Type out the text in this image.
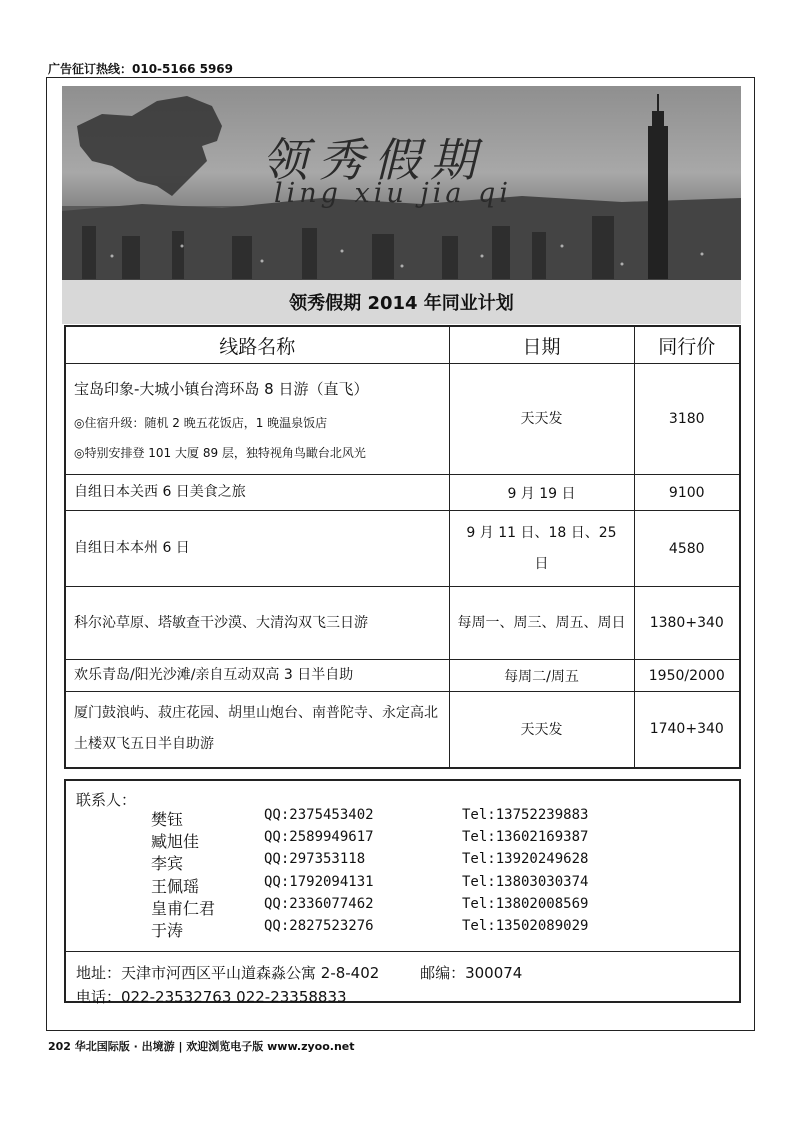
广告征订热线：010-5166 5969
领秀假期
ling xiu jia qi
领秀假期 2014 年同业计划
线路名称	日期	同行价

宝岛印象-大城小镇台湾环岛 8 日游（直飞）
◎住宿升级：随机 2 晚五花饭店，1 晚温泉饭店
◎特别安排登 101 大厦 89 层，独特视角鸟瞰台北风光	天天发	3180
自组日本关西 6 日美食之旅	9 月 19 日	9100
自组日本本州 6 日	9 月 11 日、18 日、25 日	4580
科尔沁草原、塔敏查干沙漠、大清沟双飞三日游	每周一、周三、周五、周日	1380+340
欢乐青岛/阳光沙滩/亲自互动双高 3 日半自助	每周二/周五	1950/2000
厦门鼓浪屿、菽庄花园、胡里山炮台、南普陀寺、永定高北土楼双飞五日半自助游	天天发	1740+340
联系人：
樊钰	QQ:2375453402	Tel:13752239883
臧旭佳	QQ:2589949617	Tel:13602169387
李宾	QQ:297353118	Tel:13920249628
王佩瑶	QQ:1792094131	Tel:13803030374
皇甫仁君	QQ:2336077462	Tel:13802008569
于涛	QQ:2827523276	Tel:13502089029
地址：天津市河西区平山道森淼公寓 2-8-402	邮编：300074
电话：022-23532763 022-23358833
202 华北国际版 · 出境游 | 欢迎浏览电子版 www.zyoo.net
